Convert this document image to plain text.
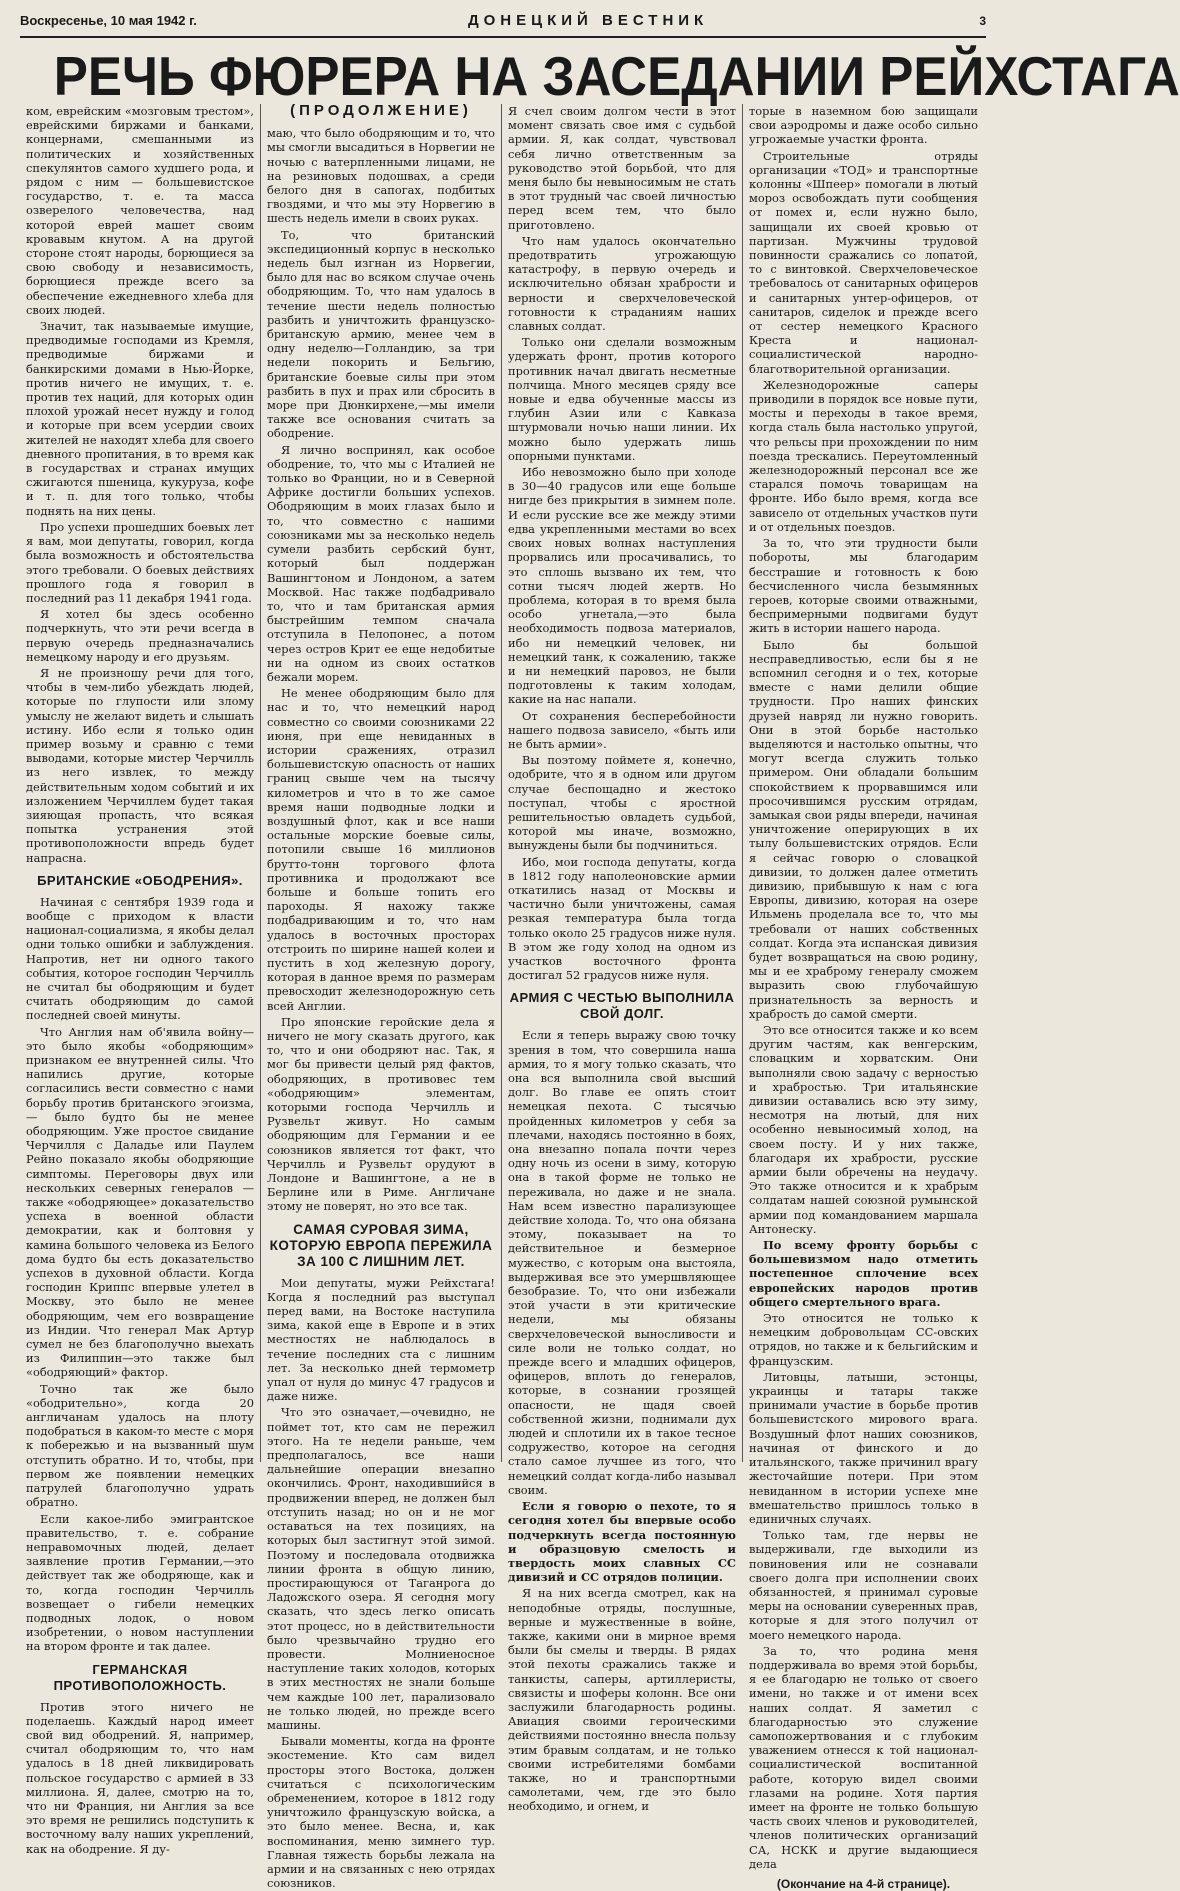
Воскресенье, 10 мая 1942 г.	ДОНЕЦКИЙ ВЕСТНИК	3
РЕЧЬ ФЮРЕРА НА ЗАСЕДАНИИ РЕЙХСТАГА

ком, еврейским «мозговым трестом», еврейскими биржами и банками, концернами, смешанными из политических и хозяйственных спекулянтов самого худшего рода, и рядом с ним — большевистское государство, т. е. та масса озверелого человечества, над которой еврей машет своим кровавым кнутом. А на другой стороне стоят народы, борющиеся за свою свободу и независимость, борющиеся прежде всего за обеспечение ежедневного хлеба для своих людей.

Значит, так называемые имущие, предводимые господами из Кремля, предводимые биржами и банкирскими домами в Нью-Йорке, против ничего не имущих, т. е. против тех наций, для которых один плохой урожай несет нужду и голод и которые при всем усердии своих жителей не находят хлеба для своего дневного пропитания, в то время как в государствах и странах имущих сжигаются пшеница, кукуруза, кофе и т. п. для того только, чтобы поднять на них цены.

Про успехи прошедших боевых лет я вам, мои депутаты, говорил, когда была возможность и обстоятельства этого требовали. О боевых действиях прошлого года я говорил в последний раз 11 декабря 1941 года.

Я хотел бы здесь особенно подчеркнуть, что эти речи всегда в первую очередь предназначались немецкому народу и его друзьям.

Я не произношу речи для того, чтобы в чем-либо убеждать людей, которые по глупости или злому умыслу не желают видеть и слышать истину. Ибо если я только один пример возьму и сравню с теми выводами, которые мистер Черчилль из него извлек, то между действительным ходом событий и их изложением Черчиллем будет такая зияющая пропасть, что всякая попытка устранения этой противоположности впредь будет напрасна.

БРИТАНСКИЕ «ОБОДРЕНИЯ».

Начиная с сентября 1939 года и вообще с приходом к власти национал-социализма, я якобы делал одни только ошибки и заблуждения. Напротив, нет ни одного такого события, которое господин Черчилль не считал бы ободряющим и будет считать ободряющим до самой последней своей минуты.

Что Англия нам об'явила войну—это было якобы «ободряющим» признаком ее внутренней силы. Что напились другие, которые согласились вести совместно с нами борьбу против британского эгоизма,— было будто бы не менее ободряющим. Уже простое свидание Черчилля с Даладье или Паулем Рейно показало якобы ободряющие симптомы. Переговоры двух или нескольких северных генералов — также «ободряющее» доказательство успеха в военной области демократии, как и болтовня у камина большого человека из Белого дома будто бы есть доказательство успехов в духовной области. Когда господин Криппс впервые улетел в Москву, это было не менее ободряющим, чем его возвращение из Индии. Что генерал Мак Артур сумел не без благополучно выехать из Филиппин—это также был «ободряющий» фактор.

Точно так же было «ободрительно», когда 20 англичанам удалось на плоту подобраться в каком-то месте с моря к побережью и на вызванный шум отступить обратно. И то, чтобы, при первом же появлении немецких патрулей благополучно удрать обратно.

Если какое-либо эмигрантское правительство, т. е. собрание неправомочных людей, делает заявление против Германии,—это действует так же ободряюще, как и то, когда господин Черчилль возвещает о гибели немецких подводных лодок, о новом изобретении, о новом наступлении на втором фронте и так далее.

ГЕРМАНСКАЯ ПРОТИВОПОЛОЖНОСТЬ.

Против этого ничего не поделаешь. Каждый народ имеет свой вид ободрений. Я, например, считал ободряющим то, что нам удалось в 18 дней ликвидировать польское государство с армией в 33 миллиона. Я, далее, смотрю на то, что ни Франция, ни Англия за все это время не решились подступить к восточному валу наших укреплений, как на ободрение. Я ду-

(ПРОДОЛЖЕНИЕ)

маю, что было ободряющим и то, что мы смогли высадиться в Норвегии не ночью с ватерпленными лицами, не на резиновых подошвах, а среди белого дня в сапогах, подбитых гвоздями, и что мы эту Норвегию в шесть недель имели в своих руках.

То, что британский экспедиционный корпус в несколько недель был изгнан из Норвегии, было для нас во всяком случае очень ободряющим. То, что нам удалось в течение шести недель полностью разбить и уничтожить французско-британскую армию, менее чем в одну неделю—Голландию, за три недели покорить и Бельгию, британские боевые силы при этом разбить в пух и прах или сбросить в море при Дюнкирхене,—мы имели также все основания считать за ободрение.

Я лично воспринял, как особое ободрение, то, что мы с Италией не только во Франции, но и в Северной Африке достигли больших успехов. Ободряющим в моих глазах было и то, что совместно с нашими союзниками мы за несколько недель сумели разбить сербский бунт, который был поддержан Вашингтоном и Лондоном, а затем Москвой. Нас также подбадривало то, что и там британская армия быстрейшим темпом сначала отступила в Пелопонес, а потом через остров Крит ее еще недобитые ни на одном из своих остатков бежали морем.

Не менее ободряющим было для нас и то, что немецкий народ совместно со своими союзниками 22 июня, при еще невиданных в истории сражениях, отразил большевистскую опасность от наших границ свыше чем на тысячу километров и что в то же самое время наши подводные лодки и воздушный флот, как и все наши остальные морские боевые силы, потопили свыше 16 миллионов брутто-тонн торгового флота противника и продолжают все больше и больше топить его пароходы. Я нахожу также подбадривающим и то, что нам удалось в восточных просторах отстроить по ширине нашей колеи и пустить в ход железную дорогу, которая в данное время по размерам превосходит железнодорожную сеть всей Англии.

Про японские геройские дела я ничего не могу сказать другого, как то, что и они ободряют нас. Так, я мог бы привести целый ряд фактов, ободряющих, в противовес тем «ободряющим» элементам, которыми господа Черчилль и Рузвельт живут. Но самым ободряющим для Германии и ее союзников является тот факт, что Черчилль и Рузвельт орудуют в Лондоне и Вашингтоне, а не в Берлине или в Риме. Англичане этому не поверят, но это все так.

САМАЯ СУРОВАЯ ЗИМА, КОТОРУЮ ЕВРОПА ПЕРЕЖИЛА ЗА 100 С ЛИШНИМ ЛЕТ.

Мои депутаты, мужи Рейхстага! Когда я последний раз выступал перед вами, на Востоке наступила зима, какой еще в Европе и в этих местностях не наблюдалось в течение последних ста с лишним лет. За несколько дней термометр упал от нуля до минус 47 градусов и даже ниже.

Что это означает,—очевидно, не поймет тот, кто сам не пережил этого. На те недели раньше, чем предполагалось, все наши дальнейшие операции внезапно окончились. Фронт, находившийся в продвижении вперед, не должен был отступить назад; но он и не мог оставаться на тех позициях, на которых был застигнут этой зимой. Поэтому и последовала отодвижка линии фронта в общую линию, простирающуюся от Таганрога до Ладожского озера. Я сегодня могу сказать, что здесь легко описать этот процесс, но в действительности было чрезвычайно трудно его провести. Молниеносное наступление таких холодов, которых в этих местностях не знали больше чем каждые 100 лет, парализовало не только людей, но прежде всего машины.

Бывали моменты, когда на фронте экостемение. Кто сам видел просторы этого Востока, должен считаться с психологическим обременением, которое в 1812 году уничтожило французскую войска, а это было менее. Весна, и, как воспоминания, меню зимнего тур. Главная тяжесть борьбы лежала на армии и на связанных с нею отрядах союзников.

Я счел своим долгом чести в этот момент связать свое имя с судьбой армии. Я, как солдат, чувствовал себя лично ответственным за руководство этой борьбой, что для меня было бы невыносимым не стать в этот трудный час своей личностью перед всем тем, что было приготовлено.

Что нам удалось окончательно предотвратить угрожающую катастрофу, в первую очередь и исключительно обязан храбрости и верности и сверхчеловеческой готовности к страданиям наших славных солдат.

Только они сделали возможным удержать фронт, против которого противник начал двигать несметные полчища. Много месяцев сряду все новые и едва обученные массы из глубин Азии или с Кавказа штурмовали ночью наши линии. Их можно было удержать лишь опорными пунктами.

Ибо невозможно было при холоде в 30—40 градусов или еще больше нигде без прикрытия в зимнем поле. И если русские все же между этими едва укрепленными местами во всех своих новых волнах наступления прорвались или просачивались, то это сплошь вызвано их тем, что сотни тысяч людей жертв. Но проблема, которая в то время была особо угнетала,—это была необходимость подвоза материалов, ибо ни немецкий человек, ни немецкий танк, к сожалению, также и ни немецкий паровоз, не были подготовлены к таким холодам, какие на нас напали.

От сохранения бесперебойности нашего подвоза зависело, «быть или не быть армии».

Вы поэтому поймете я, конечно, одобрите, что я в одном или другом случае беспощадно и жестоко поступал, чтобы с яростной решительностью овладеть судьбой, которой мы иначе, возможно, вынуждены были бы подчиниться.

Ибо, мои господа депутаты, когда в 1812 году наполеоновские армии откатились назад от Москвы и частично были уничтожены, самая резкая температура была тогда только около 25 градусов ниже нуля. В этом же году холод на одном из участков восточного фронта достигал 52 градусов ниже нуля.

АРМИЯ С ЧЕСТЬЮ ВЫПОЛНИЛА СВОЙ ДОЛГ.

Если я теперь выражу свою точку зрения в том, что совершила наша армия, то я могу только сказать, что она вся выполнила свой высший долг. Во главе ее опять стоит немецкая пехота. С тысячью пройденных километров у себя за плечами, находясь постоянно в боях, она внезапно попала почти через одну ночь из осени в зиму, которую она в такой форме не только не переживала, но даже и не знала. Нам всем известно парализующее действие холода. То, что она обязана этому, показывает на то действительное и безмерное мужество, с которым она выстояла, выдерживая все это умершвляющее безобразие. То, что они избежали этой участи в эти критические недели, мы обязаны сверхчеловеческой выносливости и силе воли не только солдат, но прежде всего и младших офицеров, офицеров, вплоть до генералов, которые, в сознании грозящей опасности, не щадя своей собственной жизни, поднимали дух людей и сплотили их в такое тесное содружество, которое на сегодня стало самое лучшее из того, что немецкий солдат когда-либо называл своим.

Если я говорю о пехоте, то я сегодня хотел бы впервые особо подчеркнуть всегда постоянную и образцовую смелость и твердость моих славных СС дивизий и СС отрядов полиции.

Я на них всегда смотрел, как на неподобные отряды, послушные, верные и мужественные в войне, также, какими они в мирное время были бы смелы и тверды. В рядах этой пехоты сражались также и танкисты, саперы, артиллеристы, связисты и шоферы колонн. Все они заслужили благодарность родины. Авиация своими героическими действиями постоянно внесла пользу этим бравым солдатам, и не только своими истребителями бомбами также, но и транспортными самолетами, чем, где это было необходимо, и огнем, и

торые в наземном бою защищали свои аэродромы и даже особо сильно угрожаемые участки фронта.

Строительные отряды организации «ТОД» и транспортные колонны «Шпеер» помогали в лютый мороз освобождать пути сообщения от помех и, если нужно было, защищали их своей кровью от партизан. Мужчины трудовой повинности сражались со лопатой, то с винтовкой. Сверхчеловеческое требовалось от санитарных офицеров и санитарных унтер-офицеров, от санитаров, сиделок и прежде всего от сестер немецкого Красного Креста и национал-социалистической народно-благотворительной организации.

Железнодорожные саперы приводили в порядок все новые пути, мосты и переходы в такое время, когда сталь была настолько упругой, что рельсы при прохождении по ним поезда трескались. Переутомленный железнодорожный персонал все же старался помочь товарищам на фронте. Ибо было время, когда все зависело от отдельных участков пути и от отдельных поездов.

За то, что эти трудности были побороты, мы благодарим бесстрашие и готовность к бою бесчисленного числа безымянных героев, которые своими отважными, беспримерными подвигами будут жить в истории нашего народа.

Было бы большой несправедливостью, если бы я не вспомнил сегодня и о тех, которые вместе с нами делили общие трудности. Про наших финских друзей навряд ли нужно говорить. Они в этой борьбе настолько выделяются и настолько опытны, что могут всегда служить только примером. Они обладали большим спокойствием к прорвавшимся или просочившимся русским отрядам, замыкая свои ряды впереди, начиная уничтожение оперирующих в их тылу большевистских отрядов. Если я сейчас говорю о словацкой дивизии, то должен далее отметить дивизию, прибывшую к нам с юга Европы, дивизию, которая на озере Ильмень проделала все то, что мы требовали от наших собственных солдат. Когда эта испанская дивизия будет возвращаться на свою родину, мы и ее храброму генералу сможем выразить свою глубочайшую признательность за верность и храбрость до самой смерти.

Это все относится также и ко всем другим частям, как венгерским, словацким и хорватским. Они выполняли свою задачу с верностью и храбростью. Три итальянские дивизии оставались всю эту зиму, несмотря на лютый, для них особенно невыносимый холод, на своем посту. И у них также, благодаря их храбрости, русские армии были обречены на неудачу. Это также относится и к храбрым солдатам нашей союзной румынской армии под командованием маршала Антонеску.

По всему фронту борьбы с большевизмом надо отметить постепенное сплочение всех европейских народов против общего смертельного врага.

Это относится не только к немецким добровольцам СС-овских отрядов, но также и к бельгийским и французским.

Литовцы, латыши, эстонцы, украинцы и татары также принимали участие в борьбе против большевистского мирового врага. Воздушный флот наших союзников, начиная от финского и до итальянского, также причинил врагу жесточайшие потери. При этом невиданном в истории успехе мне вмешательство пришлось только в единичных случаях.

Только там, где нервы не выдерживали, где выходили из повиновения или не сознавали своего долга при исполнении своих обязанностей, я принимал суровые меры на основании суверенных прав, которые я для этого получил от моего немецкого народа.

За то, что родина меня поддерживала во время этой борьбы, я ее благодарю не только от своего имени, но также и от имени всех наших солдат. Я заметил с благодарностью это служение самопожертвования и с глубоким уважением отнесся к той национал-социалистической воспитанной работе, которую видел своими глазами на родине. Хотя партия имеет на фронте не только большую часть своих членов и руководителей, членов политических организаций СА, НСКК и другие выдающиеся дела

(Окончание на 4-й странице).
